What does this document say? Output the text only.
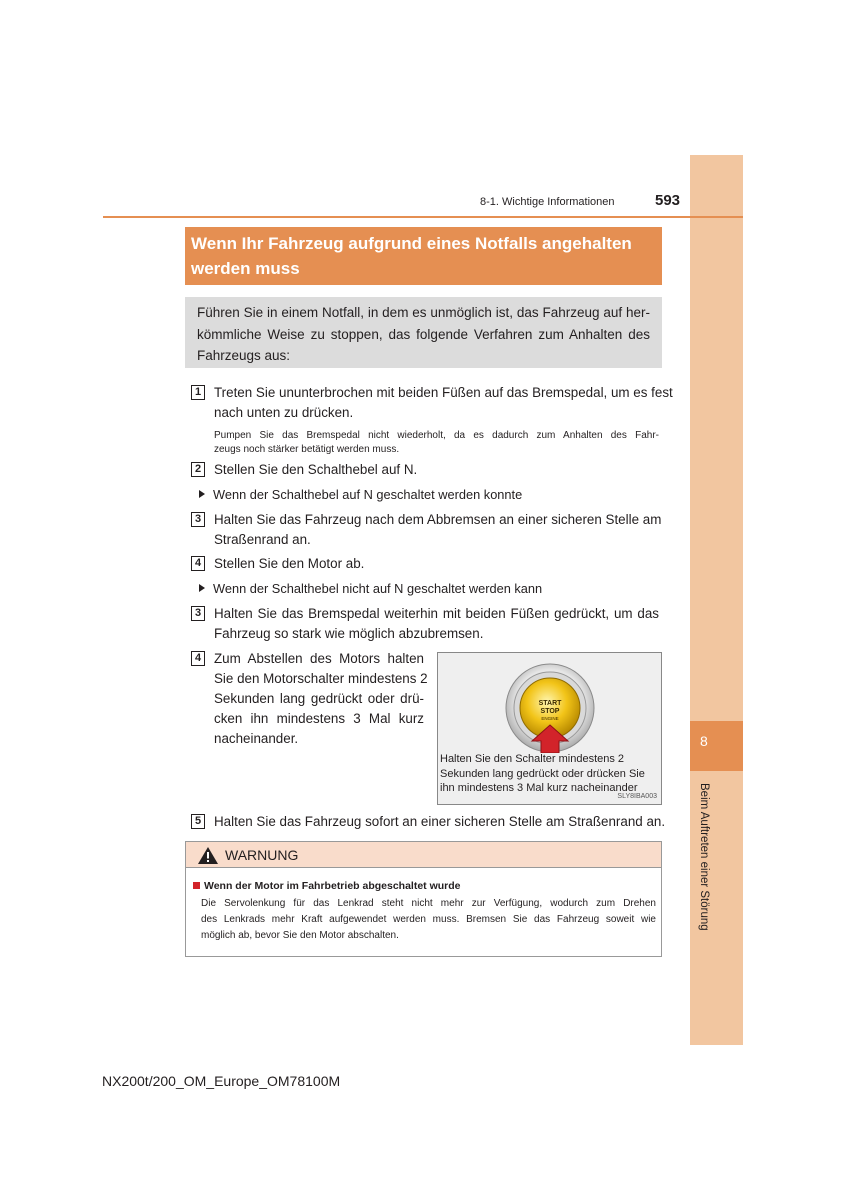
8
Beim Auftreten einer Störung
8-1. Wichtige Informationen	593
Wenn Ihr Fahrzeug aufgrund eines Notfalls angehalten
werden muss
Führen Sie in einem Notfall, in dem es unmöglich ist, das Fahrzeug auf her-
kömmliche Weise zu stoppen, das folgende Verfahren zum Anhalten des
Fahrzeugs aus:
1 Treten Sie ununterbrochen mit beiden Füßen auf das Bremspedal, um es fest
nach unten zu drücken.
Pumpen Sie das Bremspedal nicht wiederholt, da es dadurch zum Anhalten des Fahr-
zeugs noch stärker betätigt werden muss.
2 Stellen Sie den Schalthebel auf N.
Wenn der Schalthebel auf N geschaltet werden konnte
3 Halten Sie das Fahrzeug nach dem Abbremsen an einer sicheren Stelle am
Straßenrand an.
4 Stellen Sie den Motor ab.
Wenn der Schalthebel nicht auf N geschaltet werden kann
3 Halten Sie das Bremspedal weiterhin mit beiden Füßen gedrückt, um das
Fahrzeug so stark wie möglich abzubremsen.
4 Zum Abstellen des Motors halten
Sie den Motorschalter mindestens 2
Sekunden lang gedrückt oder drü-
cken ihn mindestens 3 Mal kurz
nacheinander.
START
STOP
ENGINE
Halten Sie den Schalter mindestens 2
Sekunden lang gedrückt oder drücken Sie
ihn mindestens 3 Mal kurz nacheinander
SLY8IBA003
5 Halten Sie das Fahrzeug sofort an einer sicheren Stelle am Straßenrand an.
WARNUNG
Wenn der Motor im Fahrbetrieb abgeschaltet wurde
Die Servolenkung für das Lenkrad steht nicht mehr zur Verfügung, wodurch zum Drehen
des Lenkrads mehr Kraft aufgewendet werden muss. Bremsen Sie das Fahrzeug soweit wie
möglich ab, bevor Sie den Motor abschalten.
NX200t/200_OM_Europe_OM78100M
